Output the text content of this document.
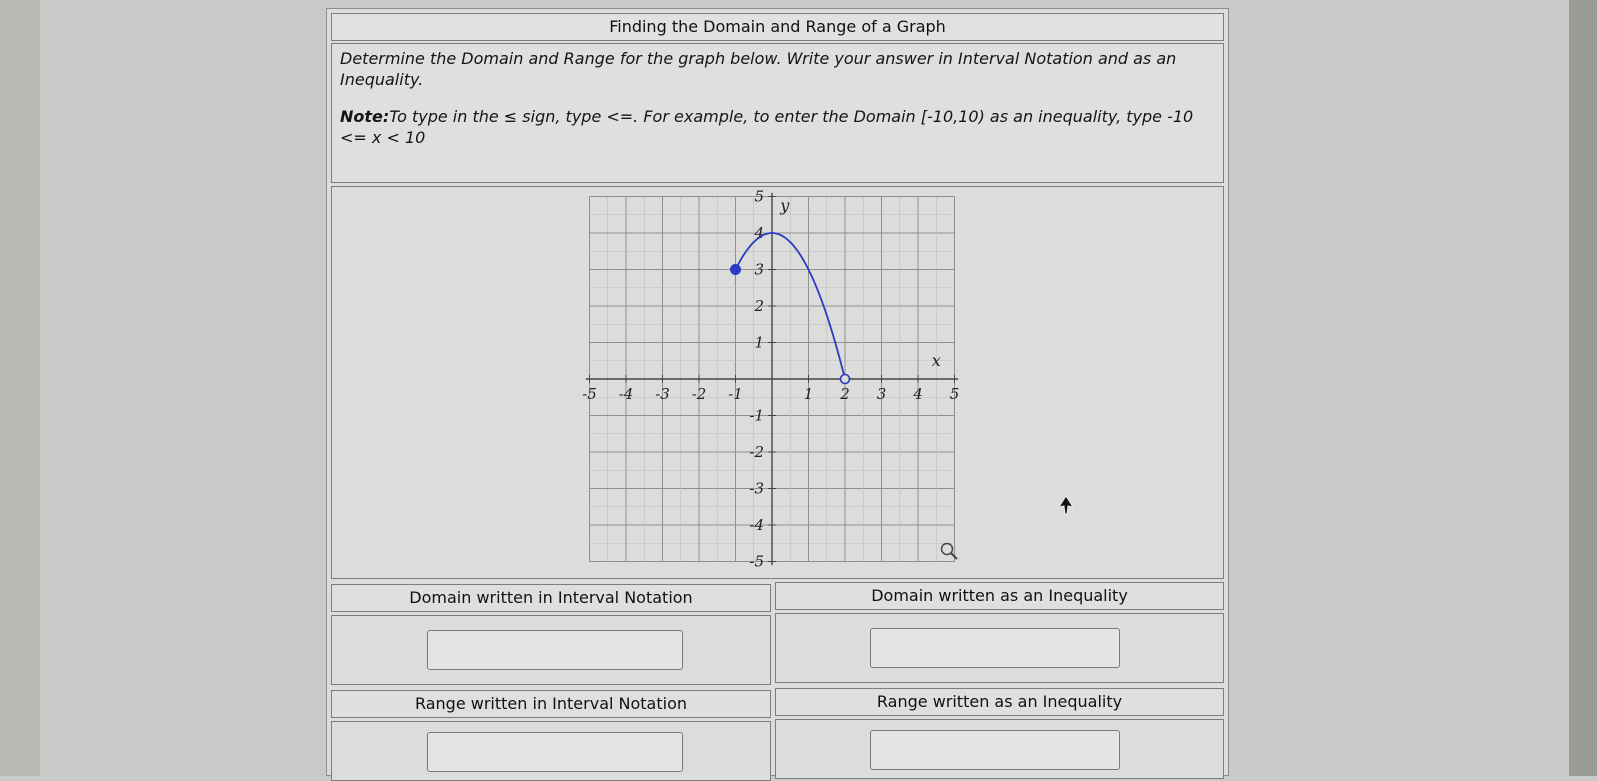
Finding the Domain and Range of a Graph

Determine the Domain and Range for the graph below. Write your answer in Interval Notation and as an Inequality.

Note:To type in the ≤ sign, type <=. For example, to enter the Domain [-10,10) as an inequality, type -10
<= x < 10

-5 -4 -3 -2 -1	1 2 3 4 5
5
4
3
2
1
-1
-2
-3
-4
-5
x
y
Domain written in Interval Notation	Domain written as an Inequality
Range written in Interval Notation	Range written as an Inequality
